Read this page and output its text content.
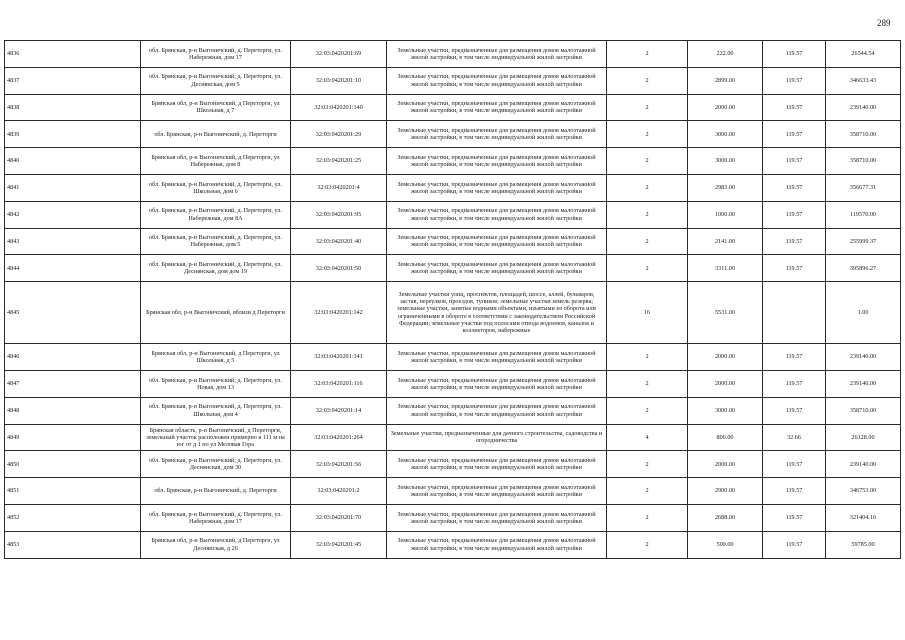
289
4836	обл. Брянская, р-н Выгоничский, д. Переторги, ул. Набережная, дом 17	32:03:0420201:69	Земельные участки, предназначенные для размещения домов малоэтажной жилой застройки, в том числе индивидуальной жилой застройки	2	222.00	119.57	26544.54
4837	обл. Брянская, р-н Выгоничский, д. Переторги, ул. Деснянская, дом 5	32:03:0420201:10	Земельные участки, предназначенные для размещения домов малоэтажной жилой застройки, в том числе индивидуальной жилой застройки	2	2899.00	119.57	346633.43
4838	Брянская обл, р-н Выгоничский, д Переторги, ул Школьная, д 7	32:03:0420201:140	Земельные участки, предназначенные для размещения домов малоэтажной жилой застройки, в том числе индивидуальной жилой застройки	2	2000.00	119.57	239140.00
4839	обл. Брянская, р-н Выгоничский, д. Переторги	32:03:0420201:29	Земельные участки, предназначенные для размещения домов малоэтажной жилой застройки, в том числе индивидуальной жилой застройки	2	3000.00	119.57	358710.00
4840	Брянская обл, р-н Выгоничский, д Переторги, ул Набережная, дом 8	32:03:0420201:25	Земельные участки, предназначенные для размещения домов малоэтажной жилой застройки, в том числе индивидуальной жилой застройки	2	3000.00	119.57	358710.00
4841	обл. Брянская, р-н Выгоничский, д. Переторги, ул. Школьная, дом 6	32:03:0420201:4	Земельные участки, предназначенные для размещения домов малоэтажной жилой застройки, в том числе индивидуальной жилой застройки	2	2983.00	119.57	356677.31
4842	обл. Брянская, р-н Выгоничский, д. Переторги, ул. Набережная, дом 8А	32:03:0420201:95	Земельные участки, предназначенные для размещения домов малоэтажной жилой застройки, в том числе индивидуальной жилой застройки	2	1000.00	119.57	119570.00
4843	обл. Брянская, р-н Выгоничский, д. Переторги, ул. Набережная, дом 5	32:03:0420201:40	Земельные участки, предназначенные для размещения домов малоэтажной жилой застройки, в том числе индивидуальной жилой застройки	2	2141.00	119.57	255999.37
4844	обл. Брянская, р-н Выгоничский, д. Переторги, ул. Деснянская, дом дом 19	32:03:0420201:50	Земельные участки, предназначенные для размещения домов малоэтажной жилой застройки, в том числе индивидуальной жилой застройки	2	3311.00	119.57	395896.27
4845	Брянская обл, р-н Выгоничский, вблизи д Переторги	32:03:0420201:142	Земельные участки улиц, проспектов, площадей, шоссе, аллей, бульваров, застав, переулков, проездов, тупиков; земельные участки земель резерва; земельные участки, занятые водными объектами, изъятыми из оборота или ограниченными в обороте в соответствии с законодательством Российской Федерации; земельные участки под полосами отвода водоемов, каналов и коллекторов, набережные	16	5531.00		1.00
4846	Брянская обл, р-н Выгоничский, д Переторги, ул Школьная, д 5	32:03:0420201:141	Земельные участки, предназначенные для размещения домов малоэтажной жилой застройки, в том числе индивидуальной жилой застройки	2	2000.00	119.57	239140.00
4847	обл. Брянская, р-н Выгоничский, д. Переторги, ул. Новая, дом 13	32:03:0420201:116	Земельные участки, предназначенные для размещения домов малоэтажной жилой застройки, в том числе индивидуальной жилой застройки	2	2000.00	119.57	239140.00
4848	обл. Брянская, р-н Выгоничский, д. Переторги, ул. Школьная, дом 4	32:03:0420201:14	Земельные участки, предназначенные для размещения домов малоэтажной жилой застройки, в том числе индивидуальной жилой застройки	2	3000.00	119.57	358710.00
4849	Брянская область, р-н Выгоничский, д Переторги, земельный участок расположен примерно в 111 м на юг от д 1 по ул Меловая Гора	32:03:0420201:264	Земельные участки, предназначенные для дачного строительства, садоводства и огородничества	4	800.00	32.66	26128.00
4850	обл. Брянская, р-н Выгоничский, д. Переторги, ул. Деснянская, дом 30	32:03:0420201:56	Земельные участки, предназначенные для размещения домов малоэтажной жилой застройки, в том числе индивидуальной жилой застройки	2	2000.00	119.57	239140.00
4851	обл. Брянская, р-н Выгоничский, д. Переторги	32:03:0420201:2	Земельные участки, предназначенные для размещения домов малоэтажной жилой застройки, в том числе индивидуальной жилой застройки	2	2900.00	119.57	346753.00
4852	обл. Брянская, р-н Выгоничский, д. Переторги, ул. Набережная, дом 17	32:03:0420201:70	Земельные участки, предназначенные для размещения домов малоэтажной жилой застройки, в том числе индивидуальной жилой застройки	2	2688.00	119.57	321404.16
4853	Брянская обл, р-н Выгоничский, д Переторги, ул Деснянская, д 26	32:03:0420201:45	Земельные участки, предназначенные для размещения домов малоэтажной жилой застройки, в том числе индивидуальной жилой застройки	2	500.00	119.57	59785.00
